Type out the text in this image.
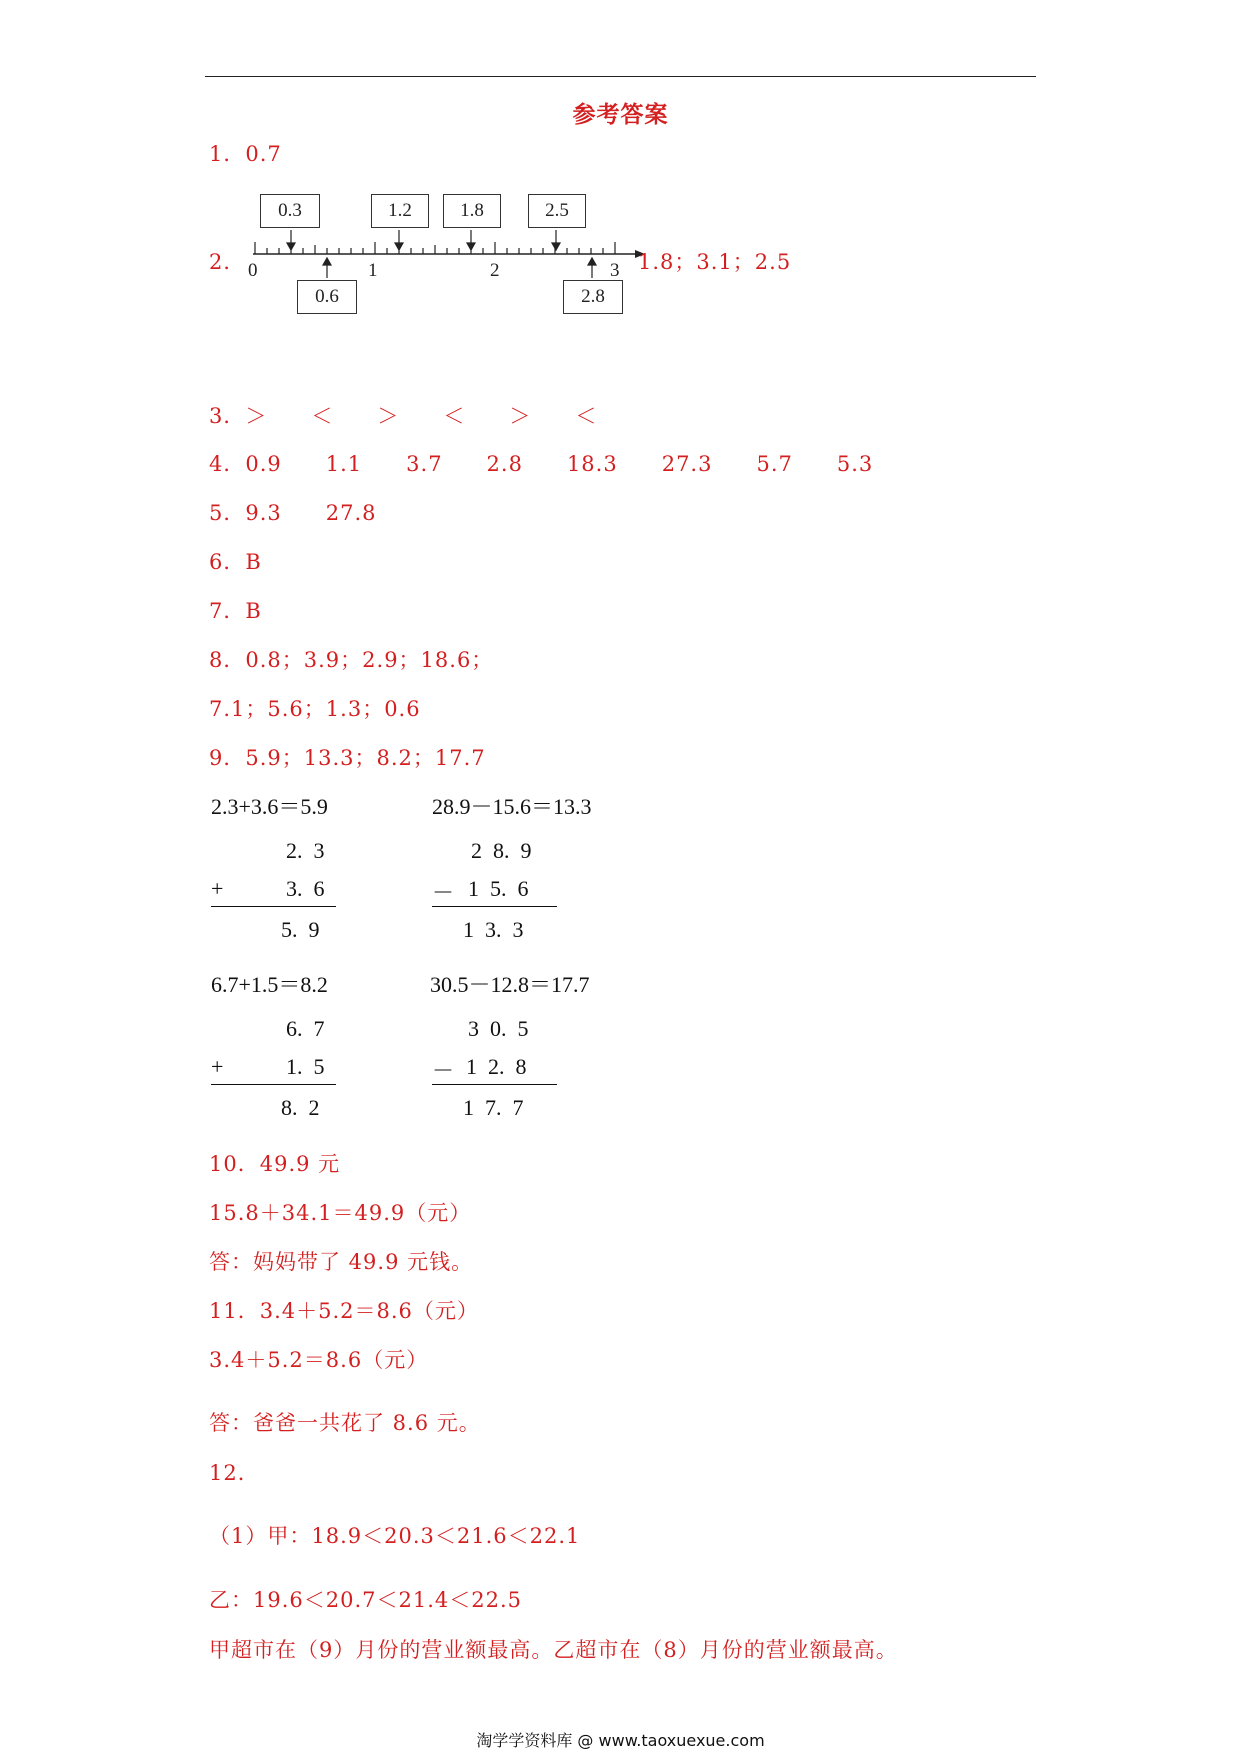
参考答案
1．0.7
2．
0.3	1.2	1.8	2.5
0.6	2.8
0	1	2	3 1.8；3.1；2.5
3．＞　　＜　　＞　　＜　　＞　　＜
4．0.9　　1.1　　3.7　　2.8　　18.3　　27.3　　5.7　　5.3
5．9.3　　27.8
6．B
7．B
8．0.8；3.9；2.9；18.6；
7.1；5.6；1.3；0.6
9．5.9；13.3；8.2；17.7
2.3+3.6＝5.9	28.9－15.6＝13.3
2.  3
+	3.  6
5.  9
2  8.  9
－ 1  5.  6
1  3.  3
6.7+1.5＝8.2	30.5－12.8＝17.7
6.  7
+	1.  5
8.  2
3  0.  5
－ 1  2.  8
1  7.  7
10．49.9 元
15.8＋34.1＝49.9（元）
答：妈妈带了 49.9 元钱。
11．3.4＋5.2＝8.6（元）
3.4＋5.2＝8.6（元）
答：爸爸一共花了 8.6 元。
12．
（1）甲：18.9＜20.3＜21.6＜22.1
乙：19.6＜20.7＜21.4＜22.5
甲超市在（9）月份的营业额最高。乙超市在（8）月份的营业额最高。
淘学学资料库 @ www.taoxuexue.com
